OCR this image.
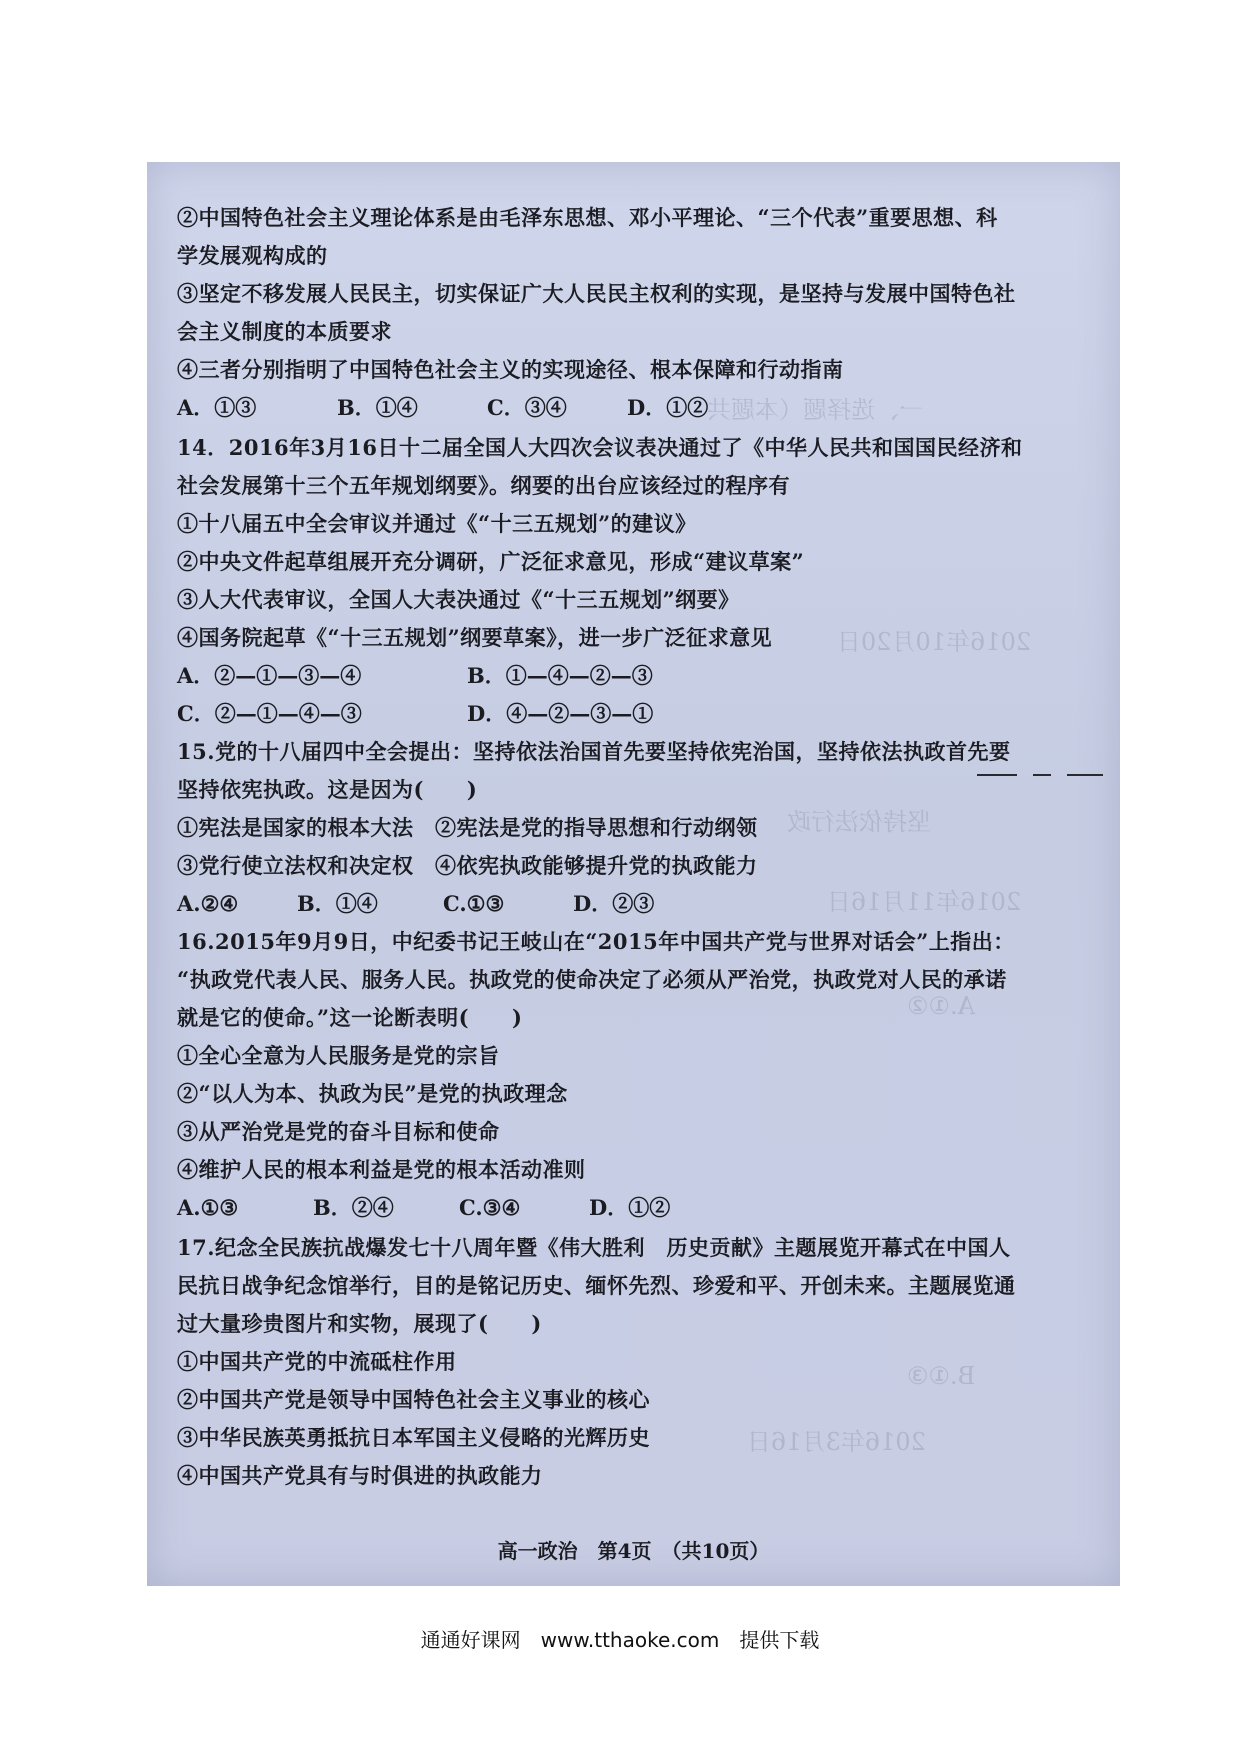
一、选择题（本题共
2016年10月20日
坚持依法行政
2016年11月16日
A.①②
B.①③
2016年3月16日
②中国特色社会主义理论体系是由毛泽东思想、邓小平理论、“三个代表”重要思想、科
学发展观构成的
③坚定不移发展人民民主，切实保证广大人民民主权利的实现，是坚持与发展中国特色社
会主义制度的本质要求
④三者分别指明了中国特色社会主义的实现途径、根本保障和行动指南
A．①③	B．①④	C．③④	D．①②
14．2016年3月16日十二届全国人大四次会议表决通过了《中华人民共和国国民经济和
社会发展第十三个五年规划纲要》。纲要的出台应该经过的程序有
①十八届五中全会审议并通过《“十三五规划”的建议》
②中央文件起草组展开充分调研，广泛征求意见，形成“建议草案”
③人大代表审议，全国人大表决通过《“十三五规划”纲要》
④国务院起草《“十三五规划”纲要草案》，进一步广泛征求意见
A．②—①—③—④	B．①—④—②—③
C．②—①—④—③	D．④—②—③—①
15.党的十八届四中全会提出：坚持依法治国首先要坚持依宪治国，坚持依法执政首先要
坚持依宪执政。这是因为(　　)
①宪法是国家的根本大法　②宪法是党的指导思想和行动纲领
③党行使立法权和决定权　④依宪执政能够提升党的执政能力
A.②④	B．①④	C.①③	D．②③
16.2015年9月9日，中纪委书记王岐山在“2015年中国共产党与世界对话会”上指出：
“执政党代表人民、服务人民。执政党的使命决定了必须从严治党，执政党对人民的承诺
就是它的使命。”这一论断表明(　　)
①全心全意为人民服务是党的宗旨
②“以人为本、执政为民”是党的执政理念
③从严治党是党的奋斗目标和使命
④维护人民的根本利益是党的根本活动准则
A.①③	B．②④	C.③④	D．①②
17.纪念全民族抗战爆发七十八周年暨《伟大胜利　历史贡献》主题展览开幕式在中国人
民抗日战争纪念馆举行，目的是铭记历史、缅怀先烈、珍爱和平、开创未来。主题展览通
过大量珍贵图片和实物，展现了(　　)
①中国共产党的中流砥柱作用
②中国共产党是领导中国特色社会主义事业的核心
③中华民族英勇抵抗日本军国主义侵略的光辉历史
④中国共产党具有与时俱进的执政能力
高一政治　第4页　（共10页）
通通好课网　www.tthaoke.com　提供下载
